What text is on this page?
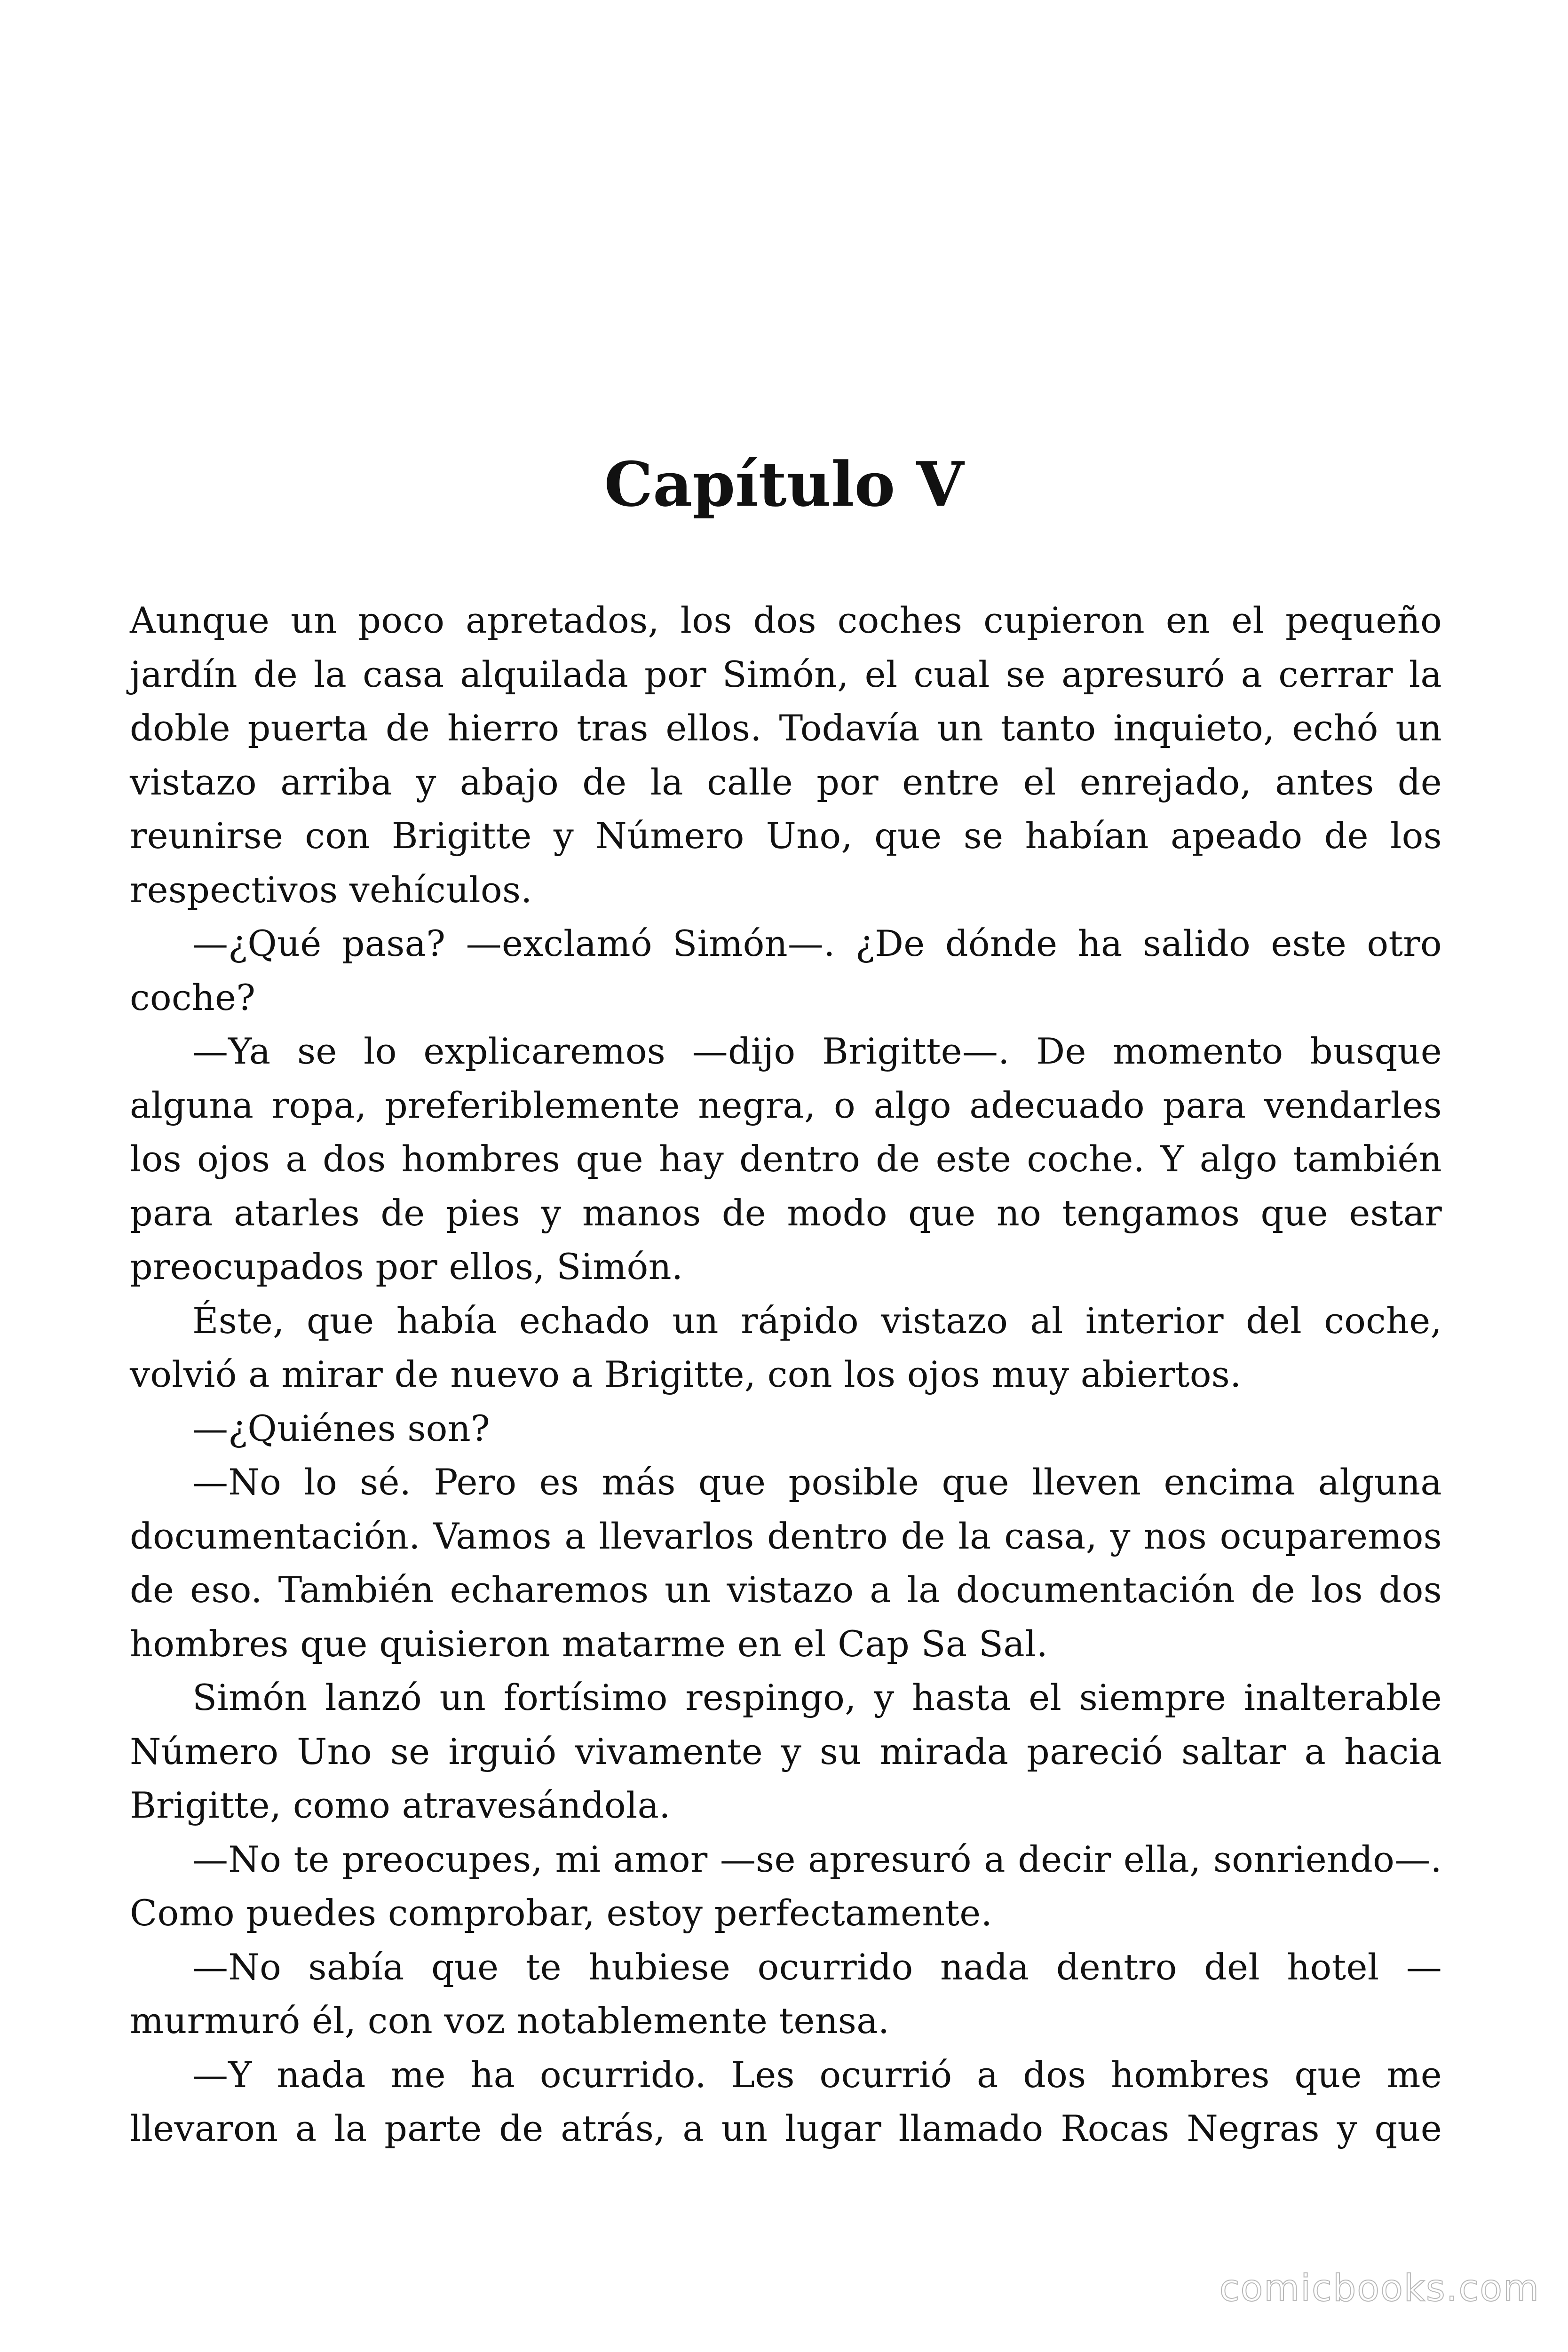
Capítulo V

Aunque un poco apretados, los dos coches cupieron en el pequeño jardín de la casa alquilada por Simón, el cual se apresuró a cerrar la doble puerta de hierro tras ellos. Todavía un tanto inquieto, echó un vistazo arriba y abajo de la calle por entre el enrejado, antes de reunirse con Brigitte y Número Uno, que se habían apeado de los respectivos vehículos.

—¿Qué pasa? —exclamó Simón—. ¿De dónde ha salido este otro coche?

—Ya se lo explicaremos —dijo Brigitte—. De momento busque alguna ropa, preferiblemente negra, o algo adecuado para vendarles los ojos a dos hombres que hay dentro de este coche. Y algo también para atarles de pies y manos de modo que no tengamos que estar preocupados por ellos, Simón.

Éste, que había echado un rápido vistazo al interior del coche, volvió a mirar de nuevo a Brigitte, con los ojos muy abiertos.

—¿Quiénes son?

—No lo sé. Pero es más que posible que lleven encima alguna documentación. Vamos a llevarlos dentro de la casa, y nos ocuparemos de eso. También echaremos un vistazo a la documentación de los dos hombres que quisieron matarme en el Cap Sa Sal.

Simón lanzó un fortísimo respingo, y hasta el siempre inalterable Número Uno se irguió vivamente y su mirada pareció saltar a hacia Brigitte, como atravesándola.

—No te preocupes, mi amor —se apresuró a decir ella, sonriendo—. Como puedes comprobar, estoy perfectamente.

—No sabía que te hubiese ocurrido nada dentro del hotel —murmuró él, con voz notablemente tensa.

—Y nada me ha ocurrido. Les ocurrió a dos hombres que me llevaron a la parte de atrás, a un lugar llamado Rocas Negras y que

comicbooks.com
